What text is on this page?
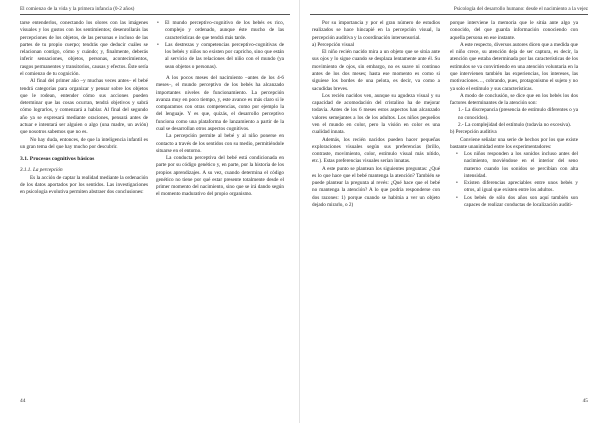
El comienzo de la vida y la primera infancia (0-2 años)

tarse entenderlos, conectando los olores con las imágenes visuales y los gustos con los sentimientos; desenrollarás las percepciones de los objetos, de las personas e incluso de las partes de tu propio cuerpo; tendrás que deducir cuáles se relacionan contigo, cómo y cuándo; y, finalmente, deberás inferir sensaciones, objetos, personas, acontecimientos, rasgos permanentes y transitorios, causas y efectos. Éste sería el comienzo de tu cognición.

Al final del primer año –y muchas veces antes– el bebé tendrá categorías para organizar y pensar sobre los objetos que le rodean, entender cómo sus acciones pueden determinar que las cosas ocurran, tendrá objetivos y sabrá cómo lograrlos, y comenzará a hablar. Al final del segundo año ya se expresará mediante oraciones, pensará antes de actuar e intentará ser alguien o algo (una madre, un avión) que nosotros sabemos que no es.

No hay duda, entonces, de que la inteligencia infantil es un gran tema del que hay mucho por descubrir.

3.1. Procesos cognitivos básicos

3.1.1. La percepción

Es la acción de captar la realidad mediante la ordenación de los datos aportados por los sentidos. Las investigaciones en psicología evolutiva permiten abstraer dos conclusiones:

• El mundo perceptivo-cognitivo de los bebés es rico, complejo y ordenado, aunque éste mucho de las características de que tendrá más tarde.
• Las destrezas y competencias perceptivo-cognitivas de los bebés y niños no existen por capricho, sino que están al servicio de las relaciones del niño con el mundo (ya sean objetos o personas).

A los pocos meses del nacimiento –antes de los 4-6 meses–, el mundo perceptivo de los bebés ha alcanzado importantes niveles de funcionamiento. La percepción avanza muy en poco tiempo, y, este avance es más claro si le comparamos con otras competencias, como por ejemplo la del lenguaje. Y es que, quizás, el desarrollo perceptivo funciona como una plataforma de lanzamiento a partir de la cual se desarrollan otros aspectos cognitivos.

La percepción permite al bebé y al niño ponerse en contacto a través de los sentidos con su medio, permitiéndole situarse en el entorno.

La conducta perceptiva del bebé está condicionada en parte por su código genético y, en parte, por la historia de los propios aprendizajes. A su vez, cuando determina el código genético no tiene por qué estar presente totalmente desde el primer momento del nacimiento, sino que se irá dando según el momento madurativo del propio organismo.

44
Psicología del desarrollo humano: desde el nacimiento a la vejez

Por su importancia y por el gran número de estudios realizados se hace hincapié en la percepción visual, la percepción auditiva y la coordinación intersensorial.

a) Percepción visual

El niño recién nacido mira a un objeto que se sitúa ante sus ojos y lo sigue cuando se desplaza lentamente ante él. Su movimiento de ojos, sin embargo, no es suave ni continuo antes de los dos meses; hasta ese momento es como si siguiese los bordes de una pelota, es decir, va como a sacudidas breves.

Los recién nacidos ven, aunque su agudeza visual y su capacidad de acomodación del cristalino ha de mejorar todavía. Antes de los 6 meses estos aspectos han alcanzado valores semejantes a los de los adultos. Los niños pequeños ven el mundo en color, pero la visión en color es una cualidad innata.

Además, los recién nacidos pueden hacer pequeñas exploraciones visuales según sus preferencias (brillo, contraste, movimiento, color, estímulo visual más nítido, etc.). Estas preferencias visuales serían innatas.

A este punto se plantean los siguientes preguntas: ¿Qué es lo que hace que el bebé mantenga la atención? También se puede plantear la pregunta al revés: ¿Qué hace que el bebé no mantenga la atención? A lo que podría responderse con dos razones: 1) porque cuando se habitúa a ver un objeto dejado mirarlo, o 2)

porque interviene la memoria que le sitúa ante algo ya conocido, del que guarda información conociendo con aquella persona en ese instante.

A este respecto, diversos autores dicen que a medida que el niño crece, su atención deja de ser captura, es decir, la atención que estaba determinada por las características de los estímulos se va convirtiendo en una atención voluntaria en la que intervienen también las experiencias, los intereses, las motivaciones…, cobrando, pues, protagonismo el sujeto y no ya solo el estímulo y sus características.

A modo de conclusión, se dice que en los bebés los dos factores determinantes de la atención son:

1.- La discrepancia (presencia de estímulo diferentes o ya no conocidos).

2.- La complejidad del estímulo (todavía no excesiva).

b) Percepción auditiva

Conviene señalar una serie de hechos por los que existe bastante unanimidad entre los experimentadores:

• Los niños responden a los sonidos incluso antes del nacimiento, moviéndose en el interior del seno materno cuando los sonidos se percibían con alta intensidad.
• Existen diferencias apreciables entre unos bebés y otros, al igual que existen entre los adultos.
• Los bebés de sólo dos años son aquí también son capaces de realizar conductas de localización auditi-
45
